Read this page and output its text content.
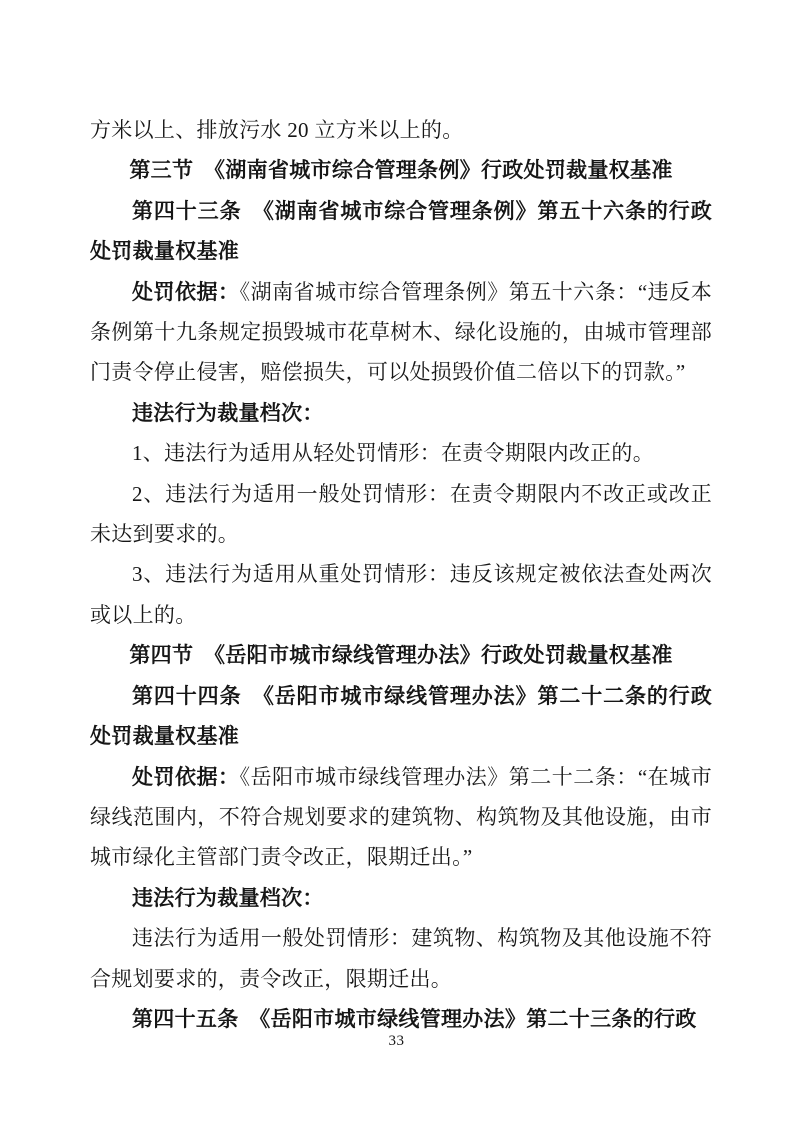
方米以上、排放污水 20 立方米以上的。

第三节　《湖南省城市综合管理条例》行政处罚裁量权基准

第四十三条　《湖南省城市综合管理条例》第五十六条的行政处罚裁量权基准

处罚依据：《湖南省城市综合管理条例》第五十六条：“违反本条例第十九条规定损毁城市花草树木、绿化设施的，由城市管理部门责令停止侵害，赔偿损失，可以处损毁价值二倍以下的罚款。”

违法行为裁量档次：

1、违法行为适用从轻处罚情形：在责令期限内改正的。

2、违法行为适用一般处罚情形：在责令期限内不改正或改正未达到要求的。

3、违法行为适用从重处罚情形：违反该规定被依法查处两次或以上的。

第四节　《岳阳市城市绿线管理办法》行政处罚裁量权基准

第四十四条　《岳阳市城市绿线管理办法》第二十二条的行政处罚裁量权基准

处罚依据：《岳阳市城市绿线管理办法》第二十二条：“在城市绿线范围内，不符合规划要求的建筑物、构筑物及其他设施，由市城市绿化主管部门责令改正，限期迁出。”

违法行为裁量档次：

违法行为适用一般处罚情形：建筑物、构筑物及其他设施不符合规划要求的，责令改正，限期迁出。

第四十五条　《岳阳市城市绿线管理办法》第二十三条的行政

33
